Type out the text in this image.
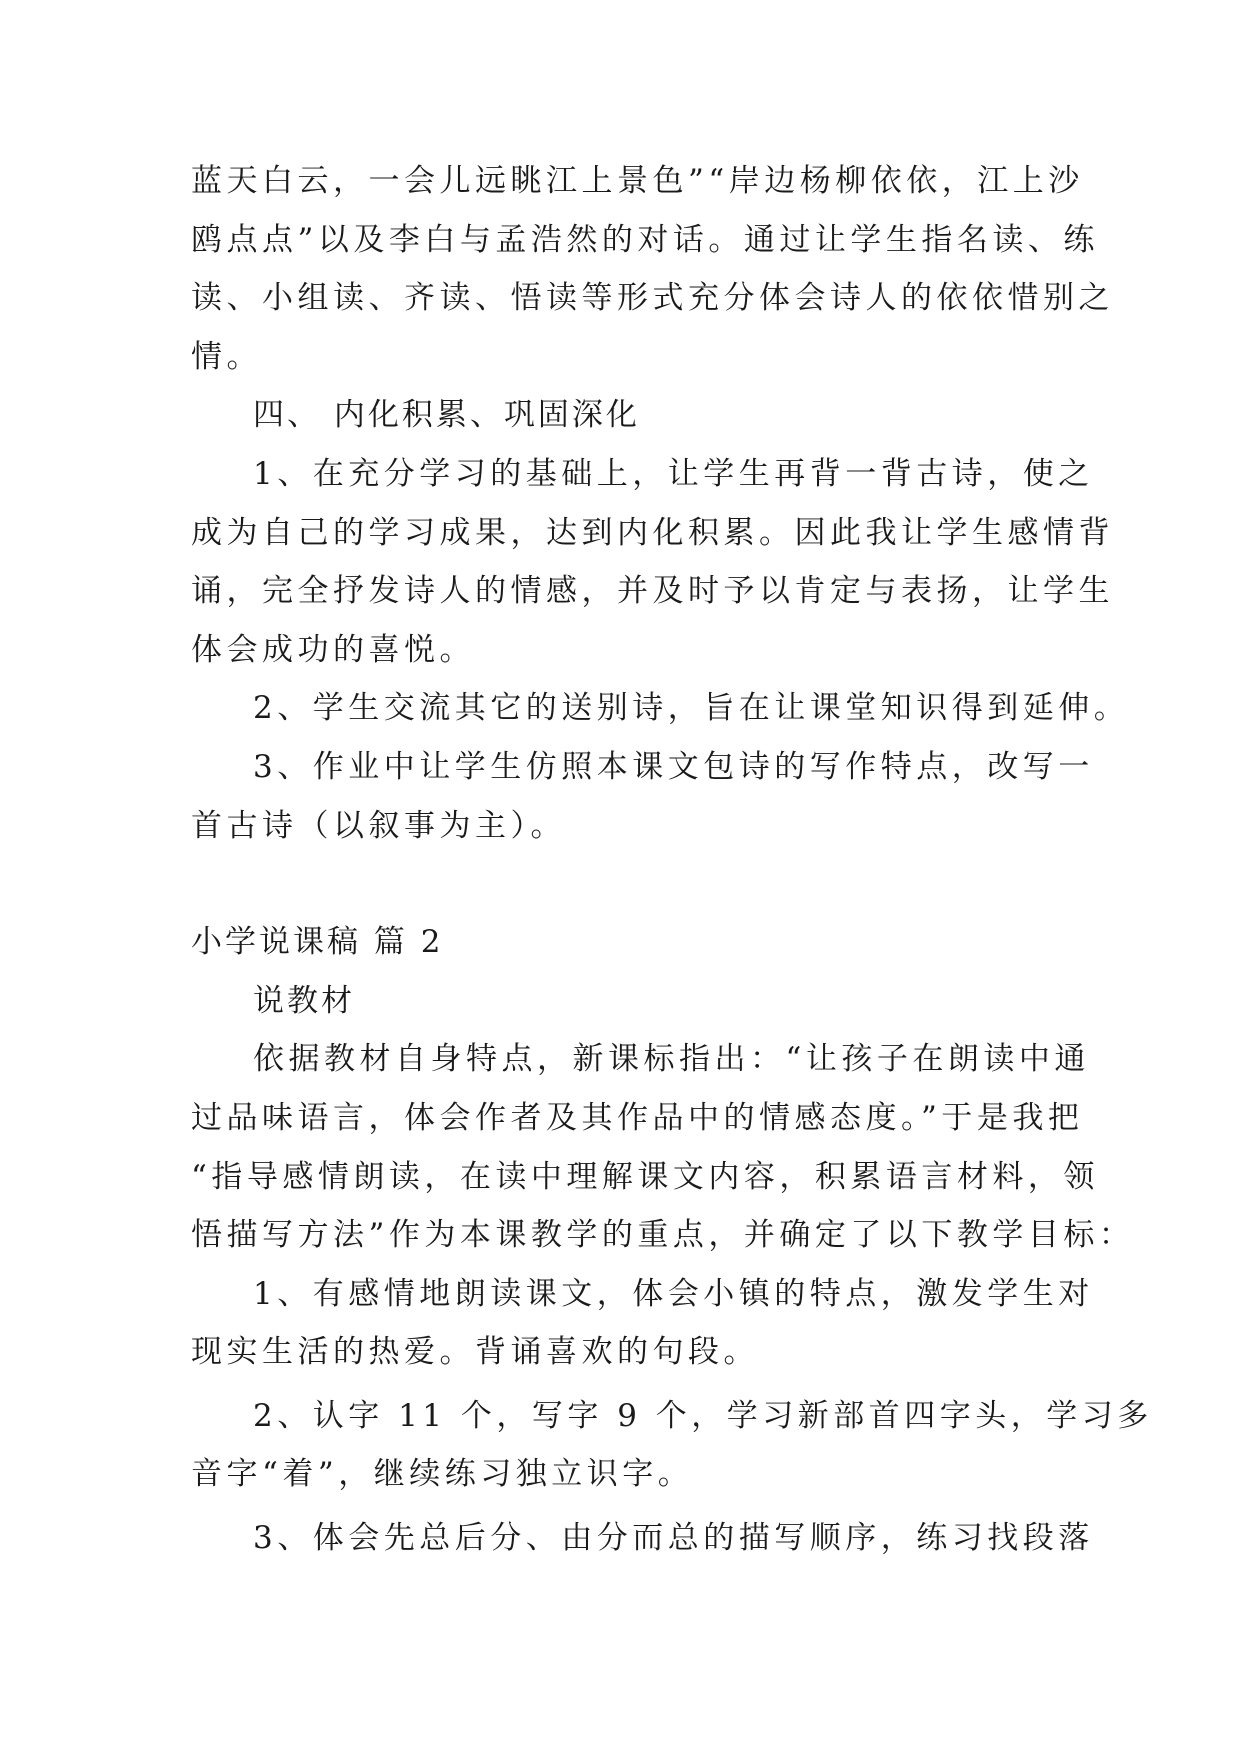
蓝天白云，一会儿远眺江上景色”“岸边杨柳依依，江上沙
鸥点点”以及李白与孟浩然的对话。通过让学生指名读、练
读、小组读、齐读、悟读等形式充分体会诗人的依依惜别之
情。
四、 内化积累、巩固深化
1、在充分学习的基础上，让学生再背一背古诗，使之
成为自己的学习成果，达到内化积累。因此我让学生感情背
诵，完全抒发诗人的情感，并及时予以肯定与表扬，让学生
体会成功的喜悦。
2、学生交流其它的送别诗，旨在让课堂知识得到延伸。
3、作业中让学生仿照本课文包诗的写作特点，改写一
首古诗（以叙事为主）。
小学说课稿 篇 2
说教材
依据教材自身特点，新课标指出：“让孩子在朗读中通
过品味语言，体会作者及其作品中的情感态度。”于是我把
“指导感情朗读，在读中理解课文内容，积累语言材料，领
悟描写方法”作为本课教学的重点，并确定了以下教学目标：
1、有感情地朗读课文，体会小镇的特点，激发学生对
现实生活的热爱。背诵喜欢的句段。
2、认字 11 个，写字 9 个，学习新部首四字头，学习多
音字“着”，继续练习独立识字。
3、体会先总后分、由分而总的描写顺序，练习找段落
